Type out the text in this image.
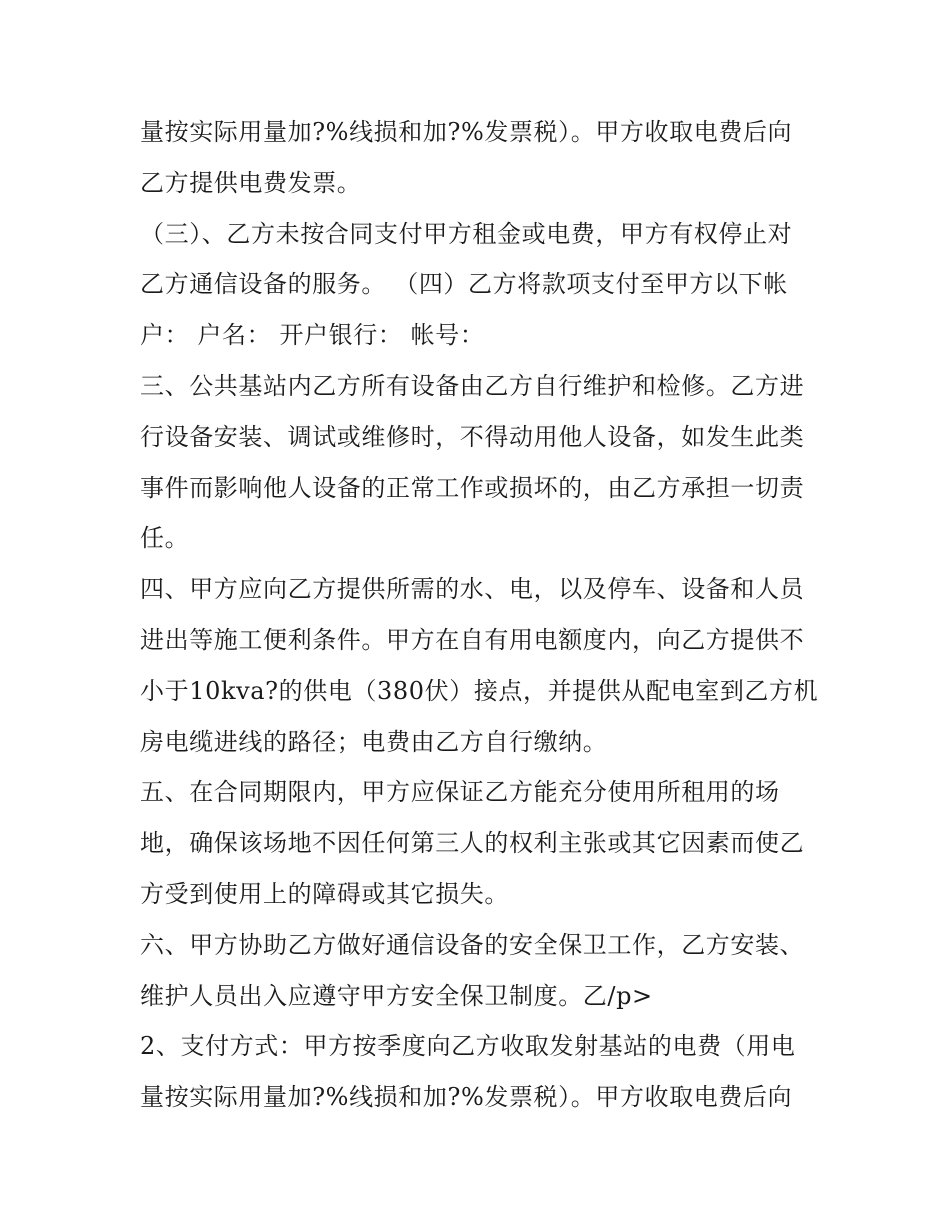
量按实际用量加?%线损和加?%发票税）。甲方收取电费后向
乙方提供电费发票。
（三）、乙方未按合同支付甲方租金或电费，甲方有权停止对
乙方通信设备的服务。 （四）乙方将款项支付至甲方以下帐
户： 户名： 开户银行： 帐号：
三、公共基站内乙方所有设备由乙方自行维护和检修。乙方进
行设备安装、调试或维修时，不得动用他人设备，如发生此类
事件而影响他人设备的正常工作或损坏的，由乙方承担一切责
任。
四、甲方应向乙方提供所需的水、电，以及停车、设备和人员
进出等施工便利条件。甲方在自有用电额度内，向乙方提供不
小于10kva?的供电（380伏）接点，并提供从配电室到乙方机
房电缆进线的路径；电费由乙方自行缴纳。
五、在合同期限内，甲方应保证乙方能充分使用所租用的场
地，确保该场地不因任何第三人的权利主张或其它因素而使乙
方受到使用上的障碍或其它损失。
六、甲方协助乙方做好通信设备的安全保卫工作，乙方安装、
维护人员出入应遵守甲方安全保卫制度。乙/p>
2、支付方式：甲方按季度向乙方收取发射基站的电费（用电
量按实际用量加?%线损和加?%发票税）。甲方收取电费后向
